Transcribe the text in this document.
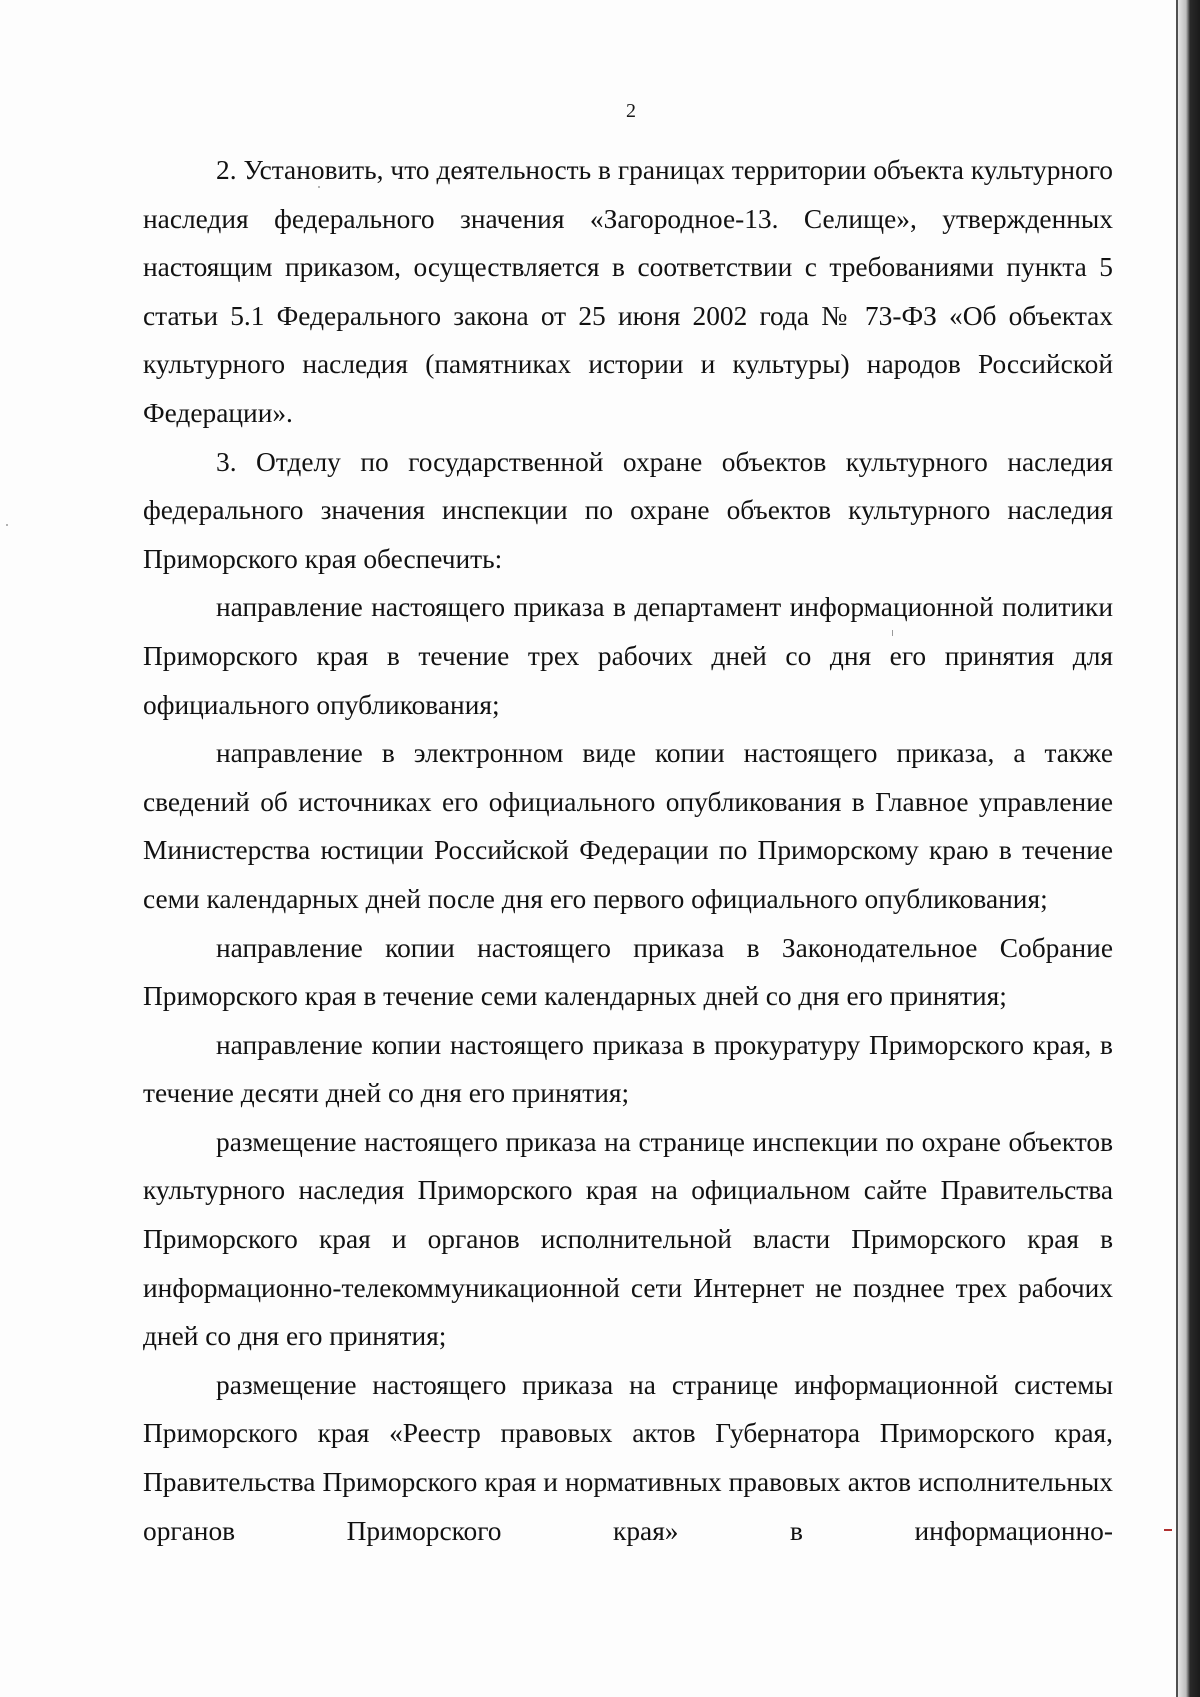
2

2. Установить, что деятельность в границах территории объекта культурного наследия федерального значения «Загородное-13. Селище», утвержденных настоящим приказом, осуществляется в соответствии с требованиями пункта 5 статьи 5.1 Федерального закона от 25 июня 2002 года № 73-ФЗ «Об объектах культурного наследия (памятниках истории и культуры) народов Российской Федерации».

3. Отделу по государственной охране объектов культурного наследия федерального значения инспекции по охране объектов культурного наследия Приморского края обеспечить:

направление настоящего приказа в департамент информационной политики Приморского края в течение трех рабочих дней со дня его принятия для официального опубликования;

направление в электронном виде копии настоящего приказа, а также сведений об источниках его официального опубликования в Главное управление Министерства юстиции Российской Федерации по Приморскому краю в течение семи календарных дней после дня его первого официального опубликования;

направление копии настоящего приказа в Законодательное Собрание Приморского края в течение семи календарных дней со дня его принятия;

направление копии настоящего приказа в прокуратуру Приморского края, в течение десяти дней со дня его принятия;

размещение настоящего приказа на странице инспекции по охране объектов культурного наследия Приморского края на официальном сайте Правительства Приморского края и органов исполнительной власти Приморского края в информационно-телекоммуникационной сети Интернет не позднее трех рабочих дней со дня его принятия;

размещение настоящего приказа на странице информационной системы Приморского края «Реестр правовых актов Губернатора Приморского края, Правительства Приморского края и нормативных правовых актов исполнительных органов Приморского края» в информационно-
